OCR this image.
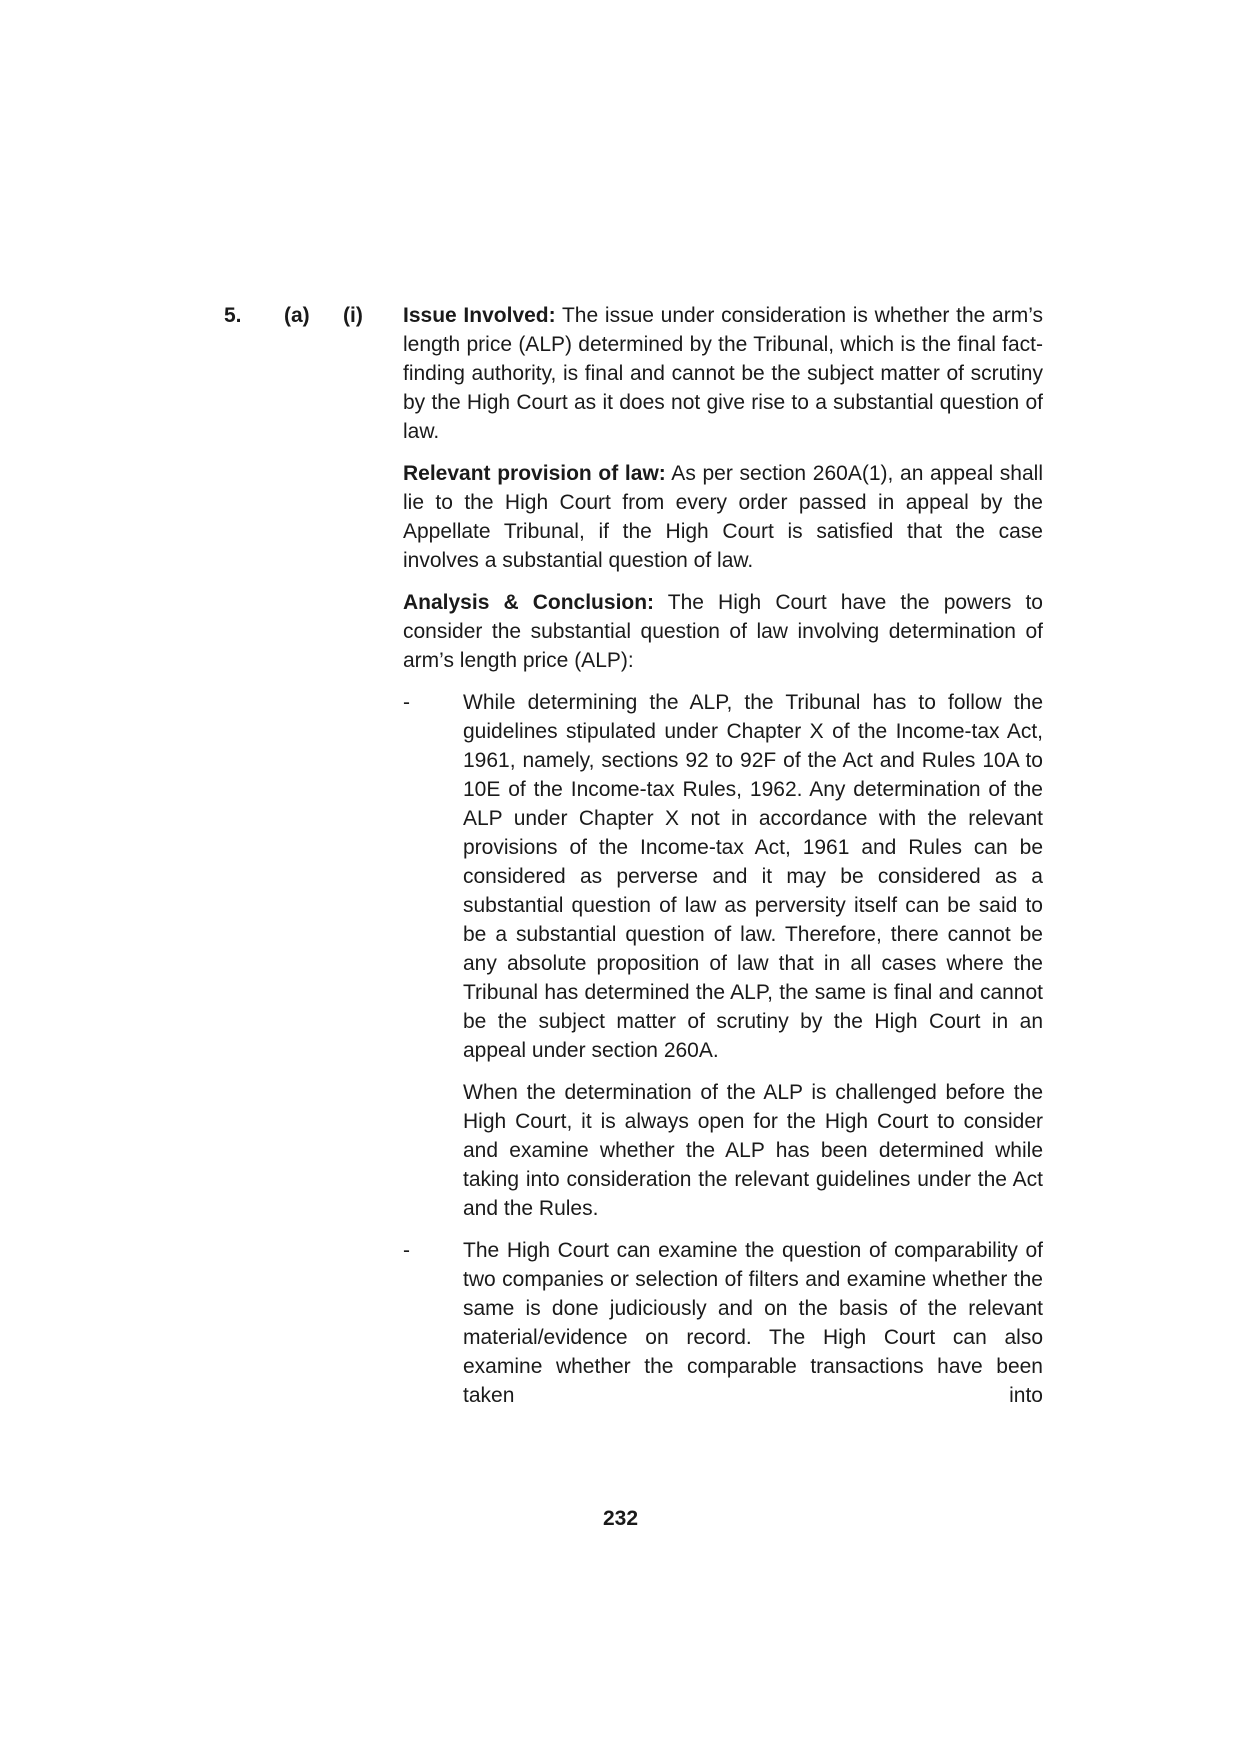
5. (a) (i) Issue Involved: The issue under consideration is whether the arm’s length price (ALP) determined by the Tribunal, which is the final fact-finding authority, is final and cannot be the subject matter of scrutiny by the High Court as it does not give rise to a substantial question of law.

Relevant provision of law: As per section 260A(1), an appeal shall lie to the High Court from every order passed in appeal by the Appellate Tribunal, if the High Court is satisfied that the case involves a substantial question of law.

Analysis & Conclusion: The High Court have the powers to consider the substantial question of law involving determination of arm’s length price (ALP):

-	While determining the ALP, the Tribunal has to follow the guidelines stipulated under Chapter X of the Income-tax Act, 1961, namely, sections 92 to 92F of the Act and Rules 10A to 10E of the Income-tax Rules, 1962. Any determination of the ALP under Chapter X not in accordance with the relevant provisions of the Income-tax Act, 1961 and Rules can be considered as perverse and it may be considered as a substantial question of law as perversity itself can be said to be a substantial question of law. Therefore, there cannot be any absolute proposition of law that in all cases where the Tribunal has determined the ALP, the same is final and cannot be the subject matter of scrutiny by the High Court in an appeal under section 260A.

When the determination of the ALP is challenged before the High Court, it is always open for the High Court to consider and examine whether the ALP has been determined while taking into consideration the relevant guidelines under the Act and the Rules.

-	The High Court can examine the question of comparability of two companies or selection of filters and examine whether the same is done judiciously and on the basis of the relevant material/evidence on record. The High Court can also examine whether the comparable transactions have been taken into

232
